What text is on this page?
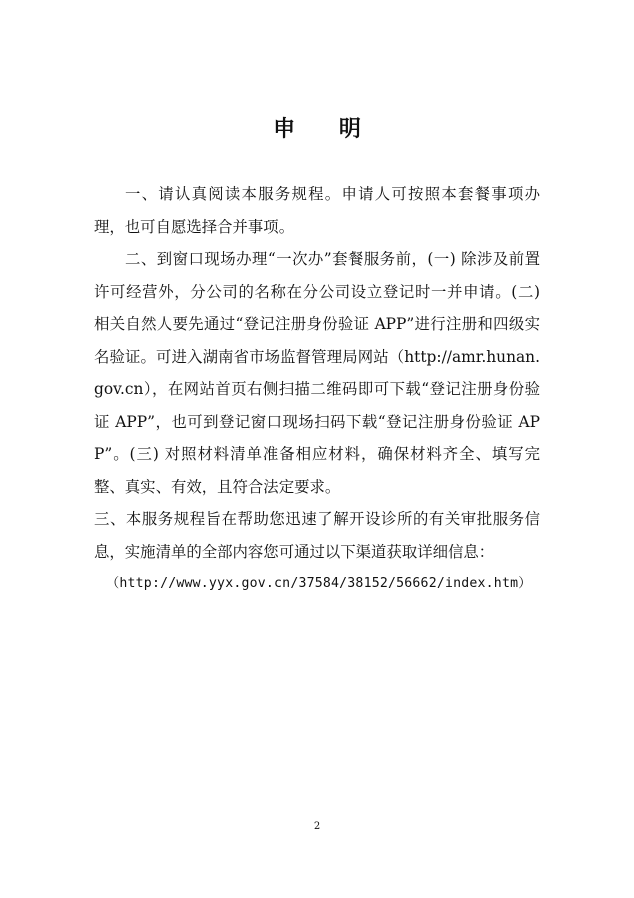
申 明

一、请认真阅读本服务规程。申请人可按照本套餐事项办理，也可自愿选择合并事项。

二、到窗口现场办理“一次办”套餐服务前，(一) 除涉及前置许可经营外，分公司的名称在分公司设立登记时一并申请。(二) 相关自然人要先通过“登记注册身份验证 APP”进行注册和四级实名验证。可进入湖南省市场监督管理局网站（http://amr.hunan.gov.cn），在网站首页右侧扫描二维码即可下载“登记注册身份验证 APP”，也可到登记窗口现场扫码下载“登记注册身份验证 APP”。(三) 对照材料清单准备相应材料，确保材料齐全、填写完整、真实、有效，且符合法定要求。

三、本服务规程旨在帮助您迅速了解开设诊所的有关审批服务信息，实施清单的全部内容您可通过以下渠道获取详细信息：

（http://www.yyx.gov.cn/37584/38152/56662/index.htm）

2
